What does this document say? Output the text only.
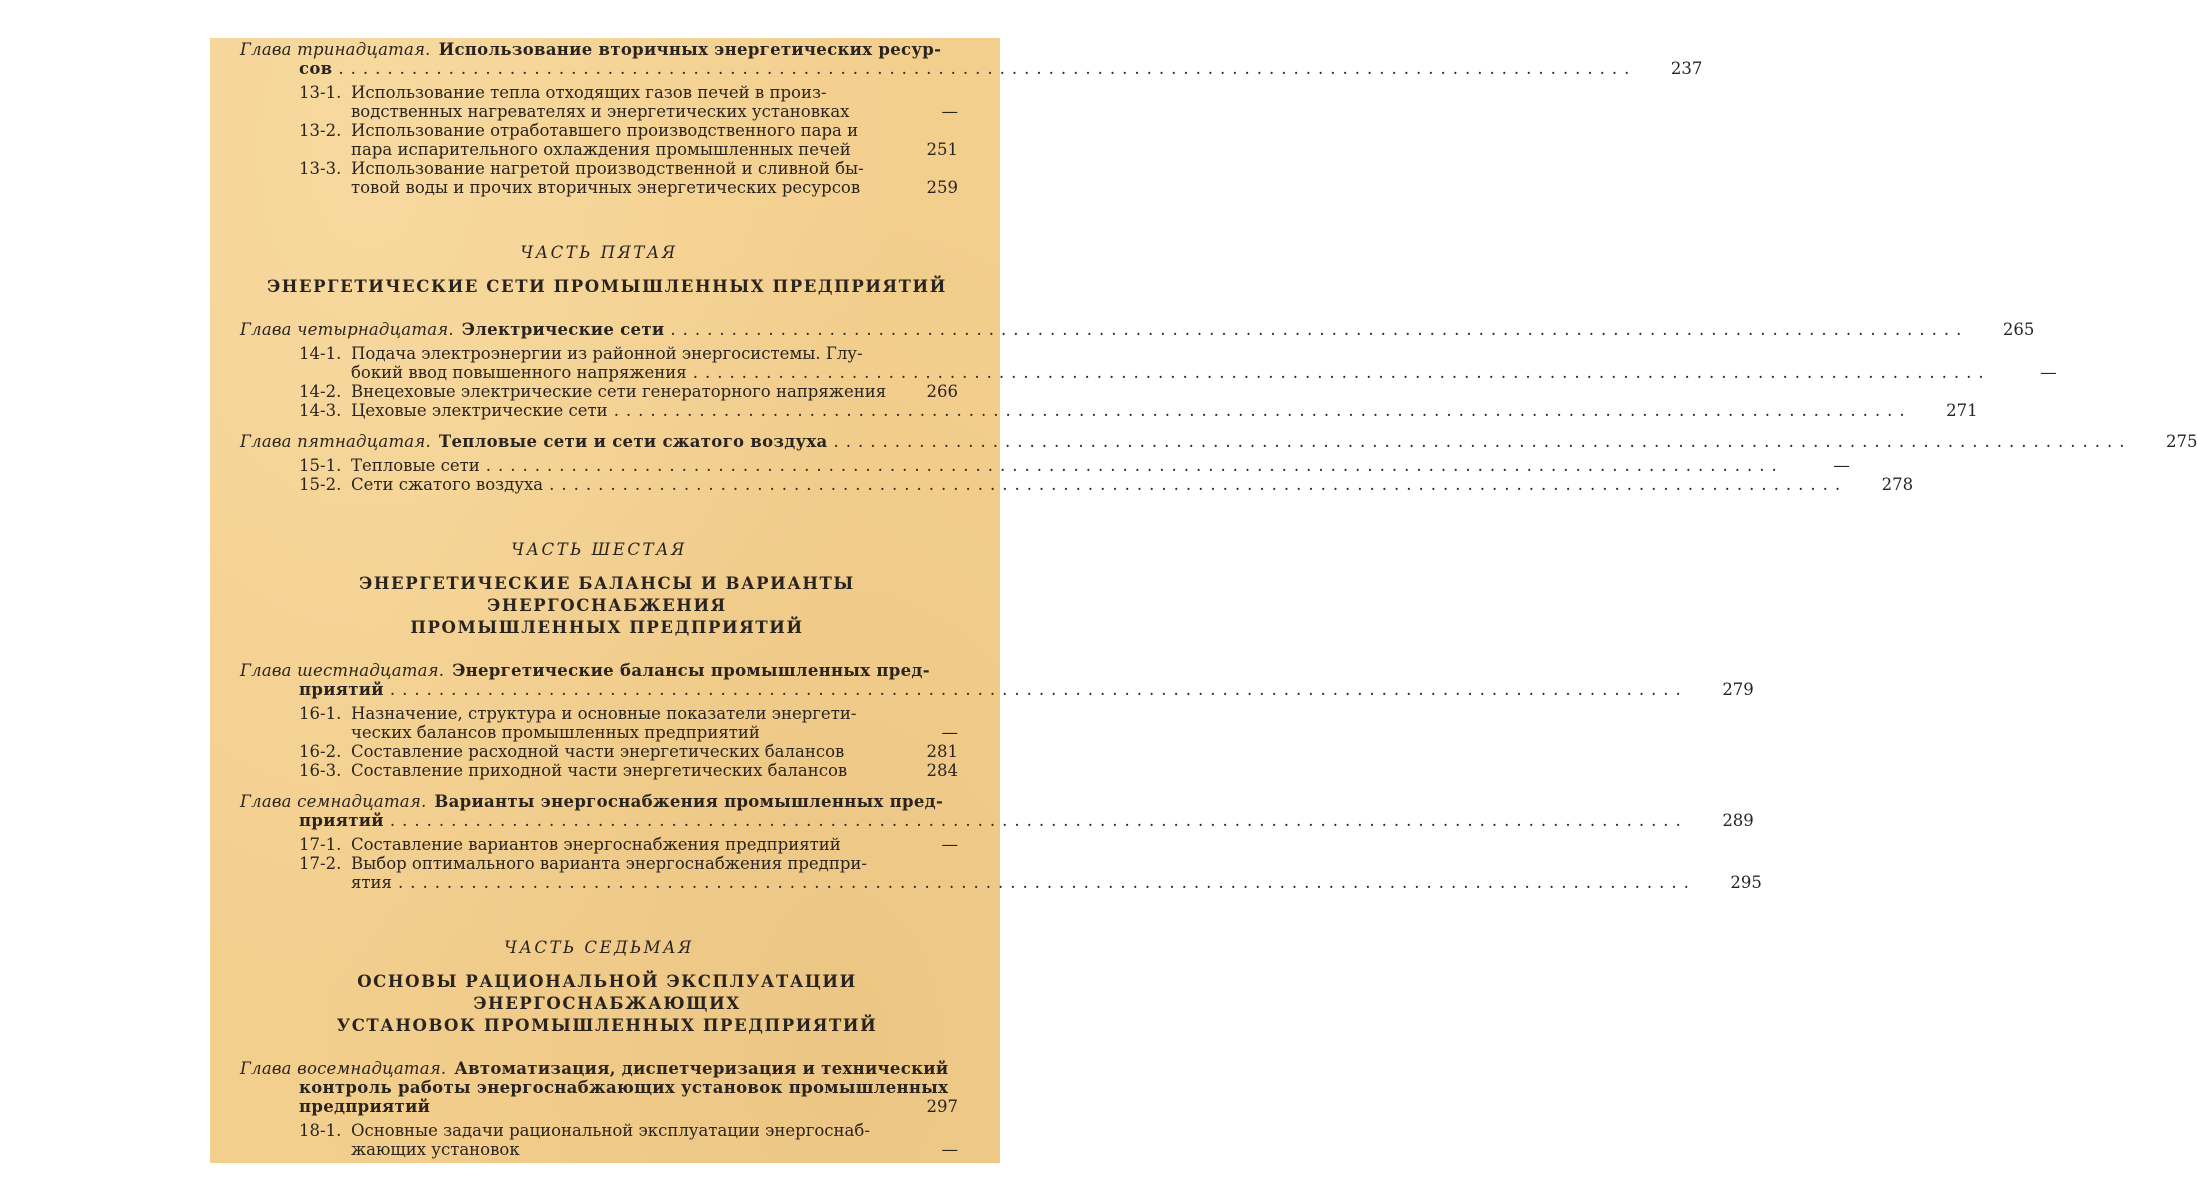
Глава тринадцатая. Использование вторичных энергетических ресур-
сов ..........................................................................................................	237
13-1. Использование тепла отходящих газов печей в произ-
водственных нагревателях и энергетических установках	—
13-2. Использование отработавшего производственного пара и
пара испарительного охлаждения промышленных печей	251
13-3. Использование нагретой производственной и сливной бы-
товой воды и прочих вторичных энергетических ресурсов	259
ЧАСТЬ ПЯТАЯ
ЭНЕРГЕТИЧЕСКИЕ СЕТИ ПРОМЫШЛЕННЫХ ПРЕДПРИЯТИЙ
Глава четырнадцатая. Электрические сети ..........................................................................................................	265
14-1. Подача электроэнергии из районной энергосистемы. Глу-
бокий ввод повышенного напряжения ..........................................................................................................	—
14-2. Внецеховые электрические сети генераторного напряжения	266
14-3. Цеховые электрические сети ..........................................................................................................	271
Глава пятнадцатая. Тепловые сети и сети сжатого воздуха ..........................................................................................................	275
15-1. Тепловые сети ..........................................................................................................	—
15-2. Сети сжатого воздуха ..........................................................................................................	278
ЧАСТЬ ШЕСТАЯ
ЭНЕРГЕТИЧЕСКИЕ БАЛАНСЫ И ВАРИАНТЫ ЭНЕРГОСНАБЖЕНИЯ
ПРОМЫШЛЕННЫХ ПРЕДПРИЯТИЙ
Глава шестнадцатая. Энергетические балансы промышленных пред-
приятий ..........................................................................................................	279
16-1. Назначение, структура и основные показатели энергети-
ческих балансов промышленных предприятий	—
16-2. Составление расходной части энергетических балансов	281
16-3. Составление приходной части энергетических балансов	284
Глава семнадцатая. Варианты энергоснабжения промышленных пред-
приятий ..........................................................................................................	289
17-1. Составление вариантов энергоснабжения предприятий	—
17-2. Выбор оптимального варианта энергоснабжения предпри-
ятия ..........................................................................................................	295
ЧАСТЬ СЕДЬМАЯ
ОСНОВЫ РАЦИОНАЛЬНОЙ ЭКСПЛУАТАЦИИ ЭНЕРГОСНАБЖАЮЩИХ
УСТАНОВОК ПРОМЫШЛЕННЫХ ПРЕДПРИЯТИЙ
Глава восемнадцатая. Автоматизация, диспетчеризация и технический
контроль работы энергоснабжающих установок промышленных
предприятий	297
18-1. Основные задачи рациональной эксплуатации энергоснаб-
жающих установок	—
